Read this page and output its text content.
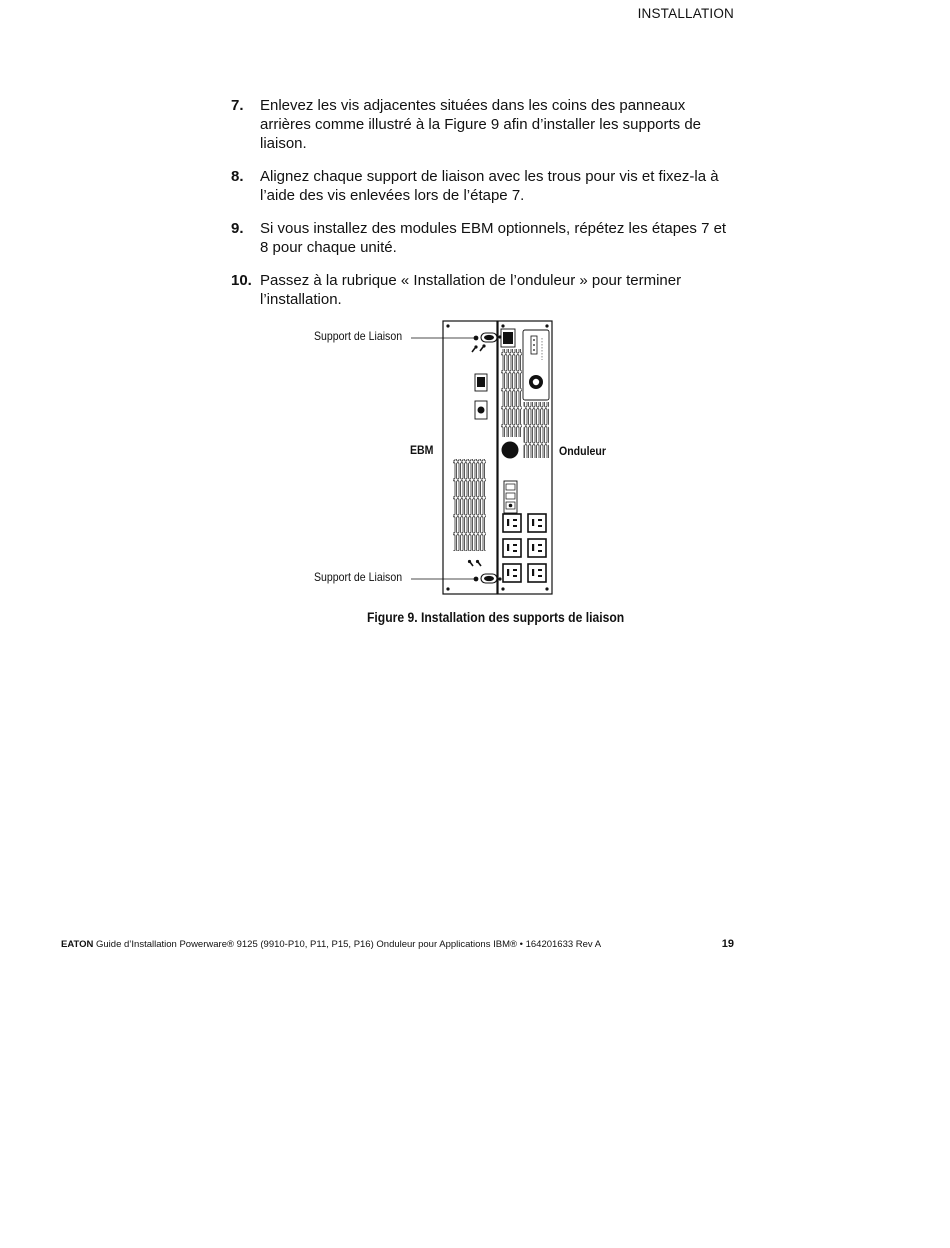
INSTALLATION
7.	Enlevez les vis adjacentes situées dans les coins des panneaux arrières comme illustré à la Figure 9 afin d’installer les supports de liaison.
8.	Alignez chaque support de liaison avec les trous pour vis et fixez-la à l’aide des vis enlevées lors de l’étape 7.
9.	Si vous installez des modules EBM optionnels, répétez les étapes 7 et 8 pour chaque unité.
10. Passez à la rubrique « Installation de l’onduleur » pour terminer l’installation.
Support de Liaison
Support de Liaison
EBM	Onduleur
Figure 9. Installation des supports de liaison
EATON Guide d’Installation Powerware® 9125 (9910-P10, P11, P15, P16) Onduleur pour Applications IBM® • 164201633 Rev A	19
